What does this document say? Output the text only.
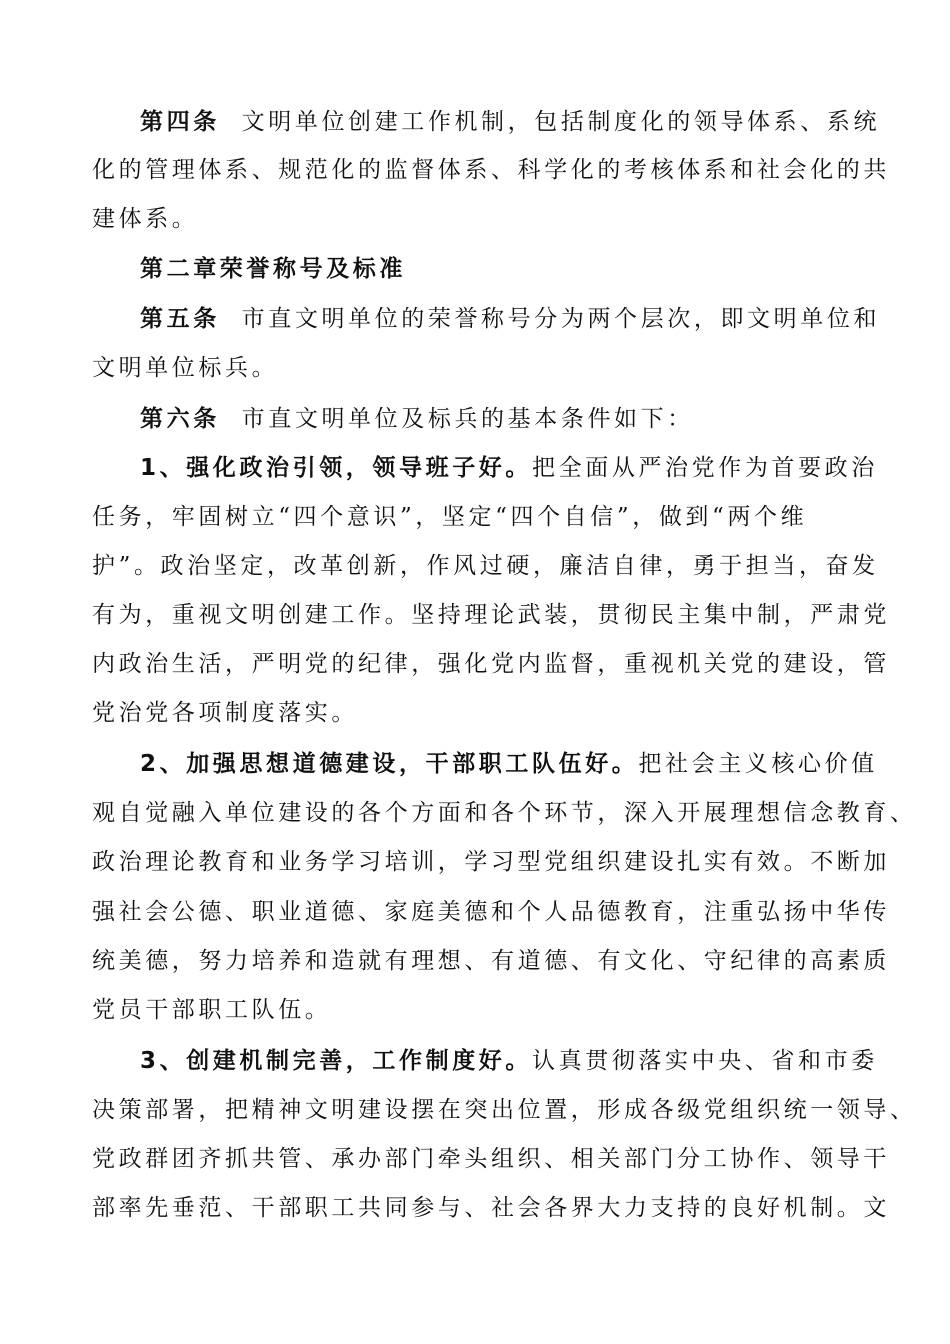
第四条 文明单位创建工作机制，包括制度化的领导体系、系统
化的管理体系、规范化的监督体系、科学化的考核体系和社会化的共
建体系。
第二章荣誉称号及标准
第五条 市直文明单位的荣誉称号分为两个层次，即文明单位和
文明单位标兵。
第六条 市直文明单位及标兵的基本条件如下：
1、强化政治引领，领导班子好。把全面从严治党作为首要政治
任务，牢固树立“四个意识”，坚定“四个自信”，做到“两个维
护”。政治坚定，改革创新，作风过硬，廉洁自律，勇于担当，奋发
有为，重视文明创建工作。坚持理论武装，贯彻民主集中制，严肃党
内政治生活，严明党的纪律，强化党内监督，重视机关党的建设，管
党治党各项制度落实。
2、加强思想道德建设，干部职工队伍好。把社会主义核心价值
观自觉融入单位建设的各个方面和各个环节，深入开展理想信念教育、
政治理论教育和业务学习培训，学习型党组织建设扎实有效。不断加
强社会公德、职业道德、家庭美德和个人品德教育，注重弘扬中华传
统美德，努力培养和造就有理想、有道德、有文化、守纪律的高素质
党员干部职工队伍。
3、创建机制完善，工作制度好。认真贯彻落实中央、省和市委
决策部署，把精神文明建设摆在突出位置，形成各级党组织统一领导、
党政群团齐抓共管、承办部门牵头组织、相关部门分工协作、领导干
部率先垂范、干部职工共同参与、社会各界大力支持的良好机制。文
